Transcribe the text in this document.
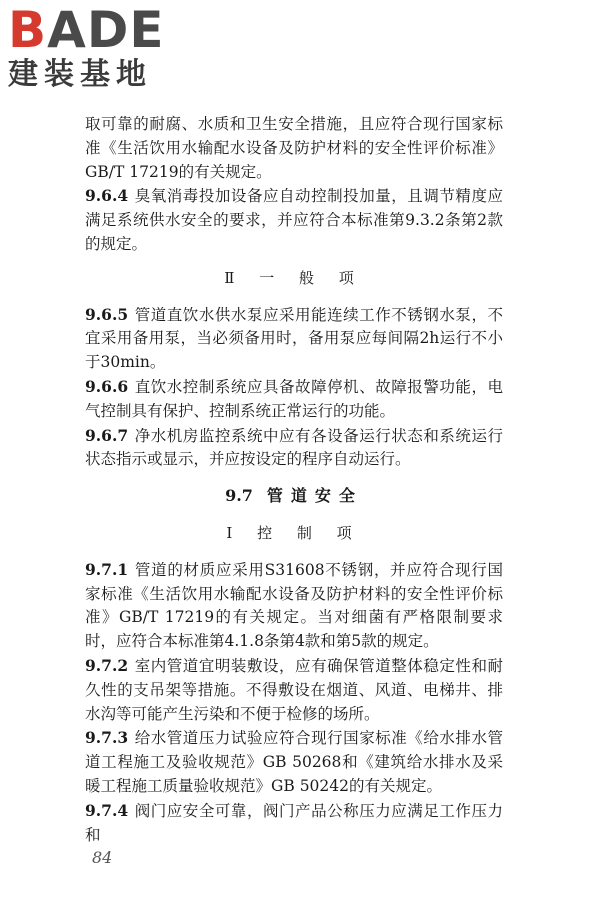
BADE
建装基地

取可靠的耐腐、水质和卫生安全措施，且应符合现行国家标准《生活饮用水输配水设备及防护材料的安全性评价标准》GB/T 17219的有关规定。

9.6.4 臭氧消毒投加设备应自动控制投加量，且调节精度应满足系统供水安全的要求，并应符合本标准第9.3.2条第2款的规定。

Ⅱ 一 般 项

9.6.5 管道直饮水供水泵应采用能连续工作不锈钢水泵，不宜采用备用泵，当必须备用时，备用泵应每间隔2h运行不小于30min。

9.6.6 直饮水控制系统应具备故障停机、故障报警功能，电气控制具有保护、控制系统正常运行的功能。

9.6.7 净水机房监控系统中应有各设备运行状态和系统运行状态指示或显示，并应按设定的程序自动运行。

9.7 管道安全
Ⅰ 控 制 项

9.7.1 管道的材质应采用S31608不锈钢，并应符合现行国家标准《生活饮用水输配水设备及防护材料的安全性评价标准》GB/T 17219的有关规定。当对细菌有严格限制要求时，应符合本标准第4.1.8条第4款和第5款的规定。

9.7.2 室内管道宜明装敷设，应有确保管道整体稳定性和耐久性的支吊架等措施。不得敷设在烟道、风道、电梯井、排水沟等可能产生污染和不便于检修的场所。

9.7.3 给水管道压力试验应符合现行国家标准《给水排水管道工程施工及验收规范》GB 50268和《建筑给水排水及采暖工程施工质量验收规范》GB 50242的有关规定。

9.7.4 阀门应安全可靠，阀门产品公称压力应满足工作压力和

84
